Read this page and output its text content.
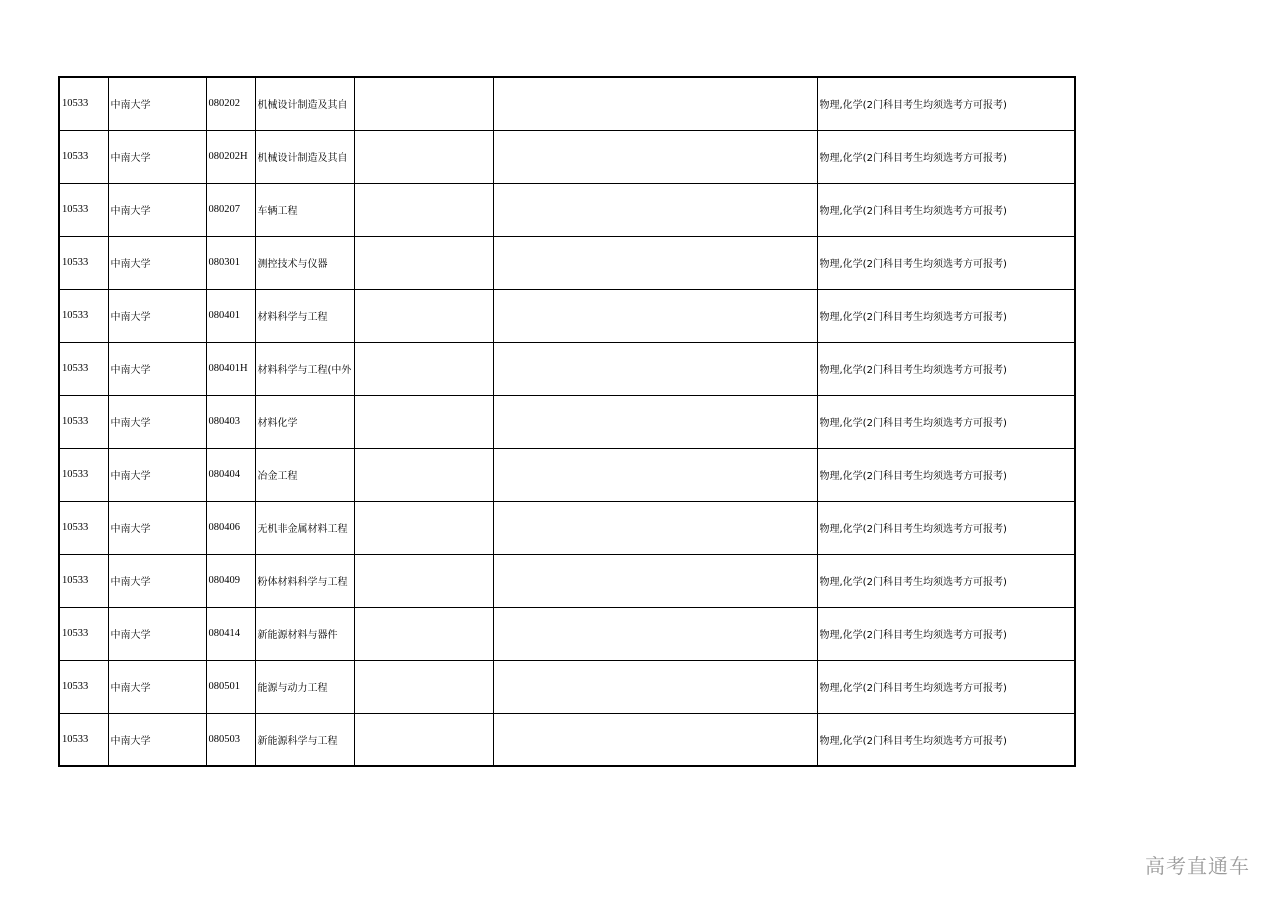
10533	中南大学	080202	机械设计制造及其自			物理,化学(2门科目考生均须选考方可报考)
10533	中南大学	080202H	机械设计制造及其自			物理,化学(2门科目考生均须选考方可报考)
10533	中南大学	080207	车辆工程			物理,化学(2门科目考生均须选考方可报考)
10533	中南大学	080301	测控技术与仪器			物理,化学(2门科目考生均须选考方可报考)
10533	中南大学	080401	材料科学与工程			物理,化学(2门科目考生均须选考方可报考)
10533	中南大学	080401H	材料科学与工程(中外			物理,化学(2门科目考生均须选考方可报考)
10533	中南大学	080403	材料化学			物理,化学(2门科目考生均须选考方可报考)
10533	中南大学	080404	冶金工程			物理,化学(2门科目考生均须选考方可报考)
10533	中南大学	080406	无机非金属材料工程			物理,化学(2门科目考生均须选考方可报考)
10533	中南大学	080409	粉体材料科学与工程			物理,化学(2门科目考生均须选考方可报考)
10533	中南大学	080414	新能源材料与器件			物理,化学(2门科目考生均须选考方可报考)
10533	中南大学	080501	能源与动力工程			物理,化学(2门科目考生均须选考方可报考)
10533	中南大学	080503	新能源科学与工程			物理,化学(2门科目考生均须选考方可报考)
高考直通车
